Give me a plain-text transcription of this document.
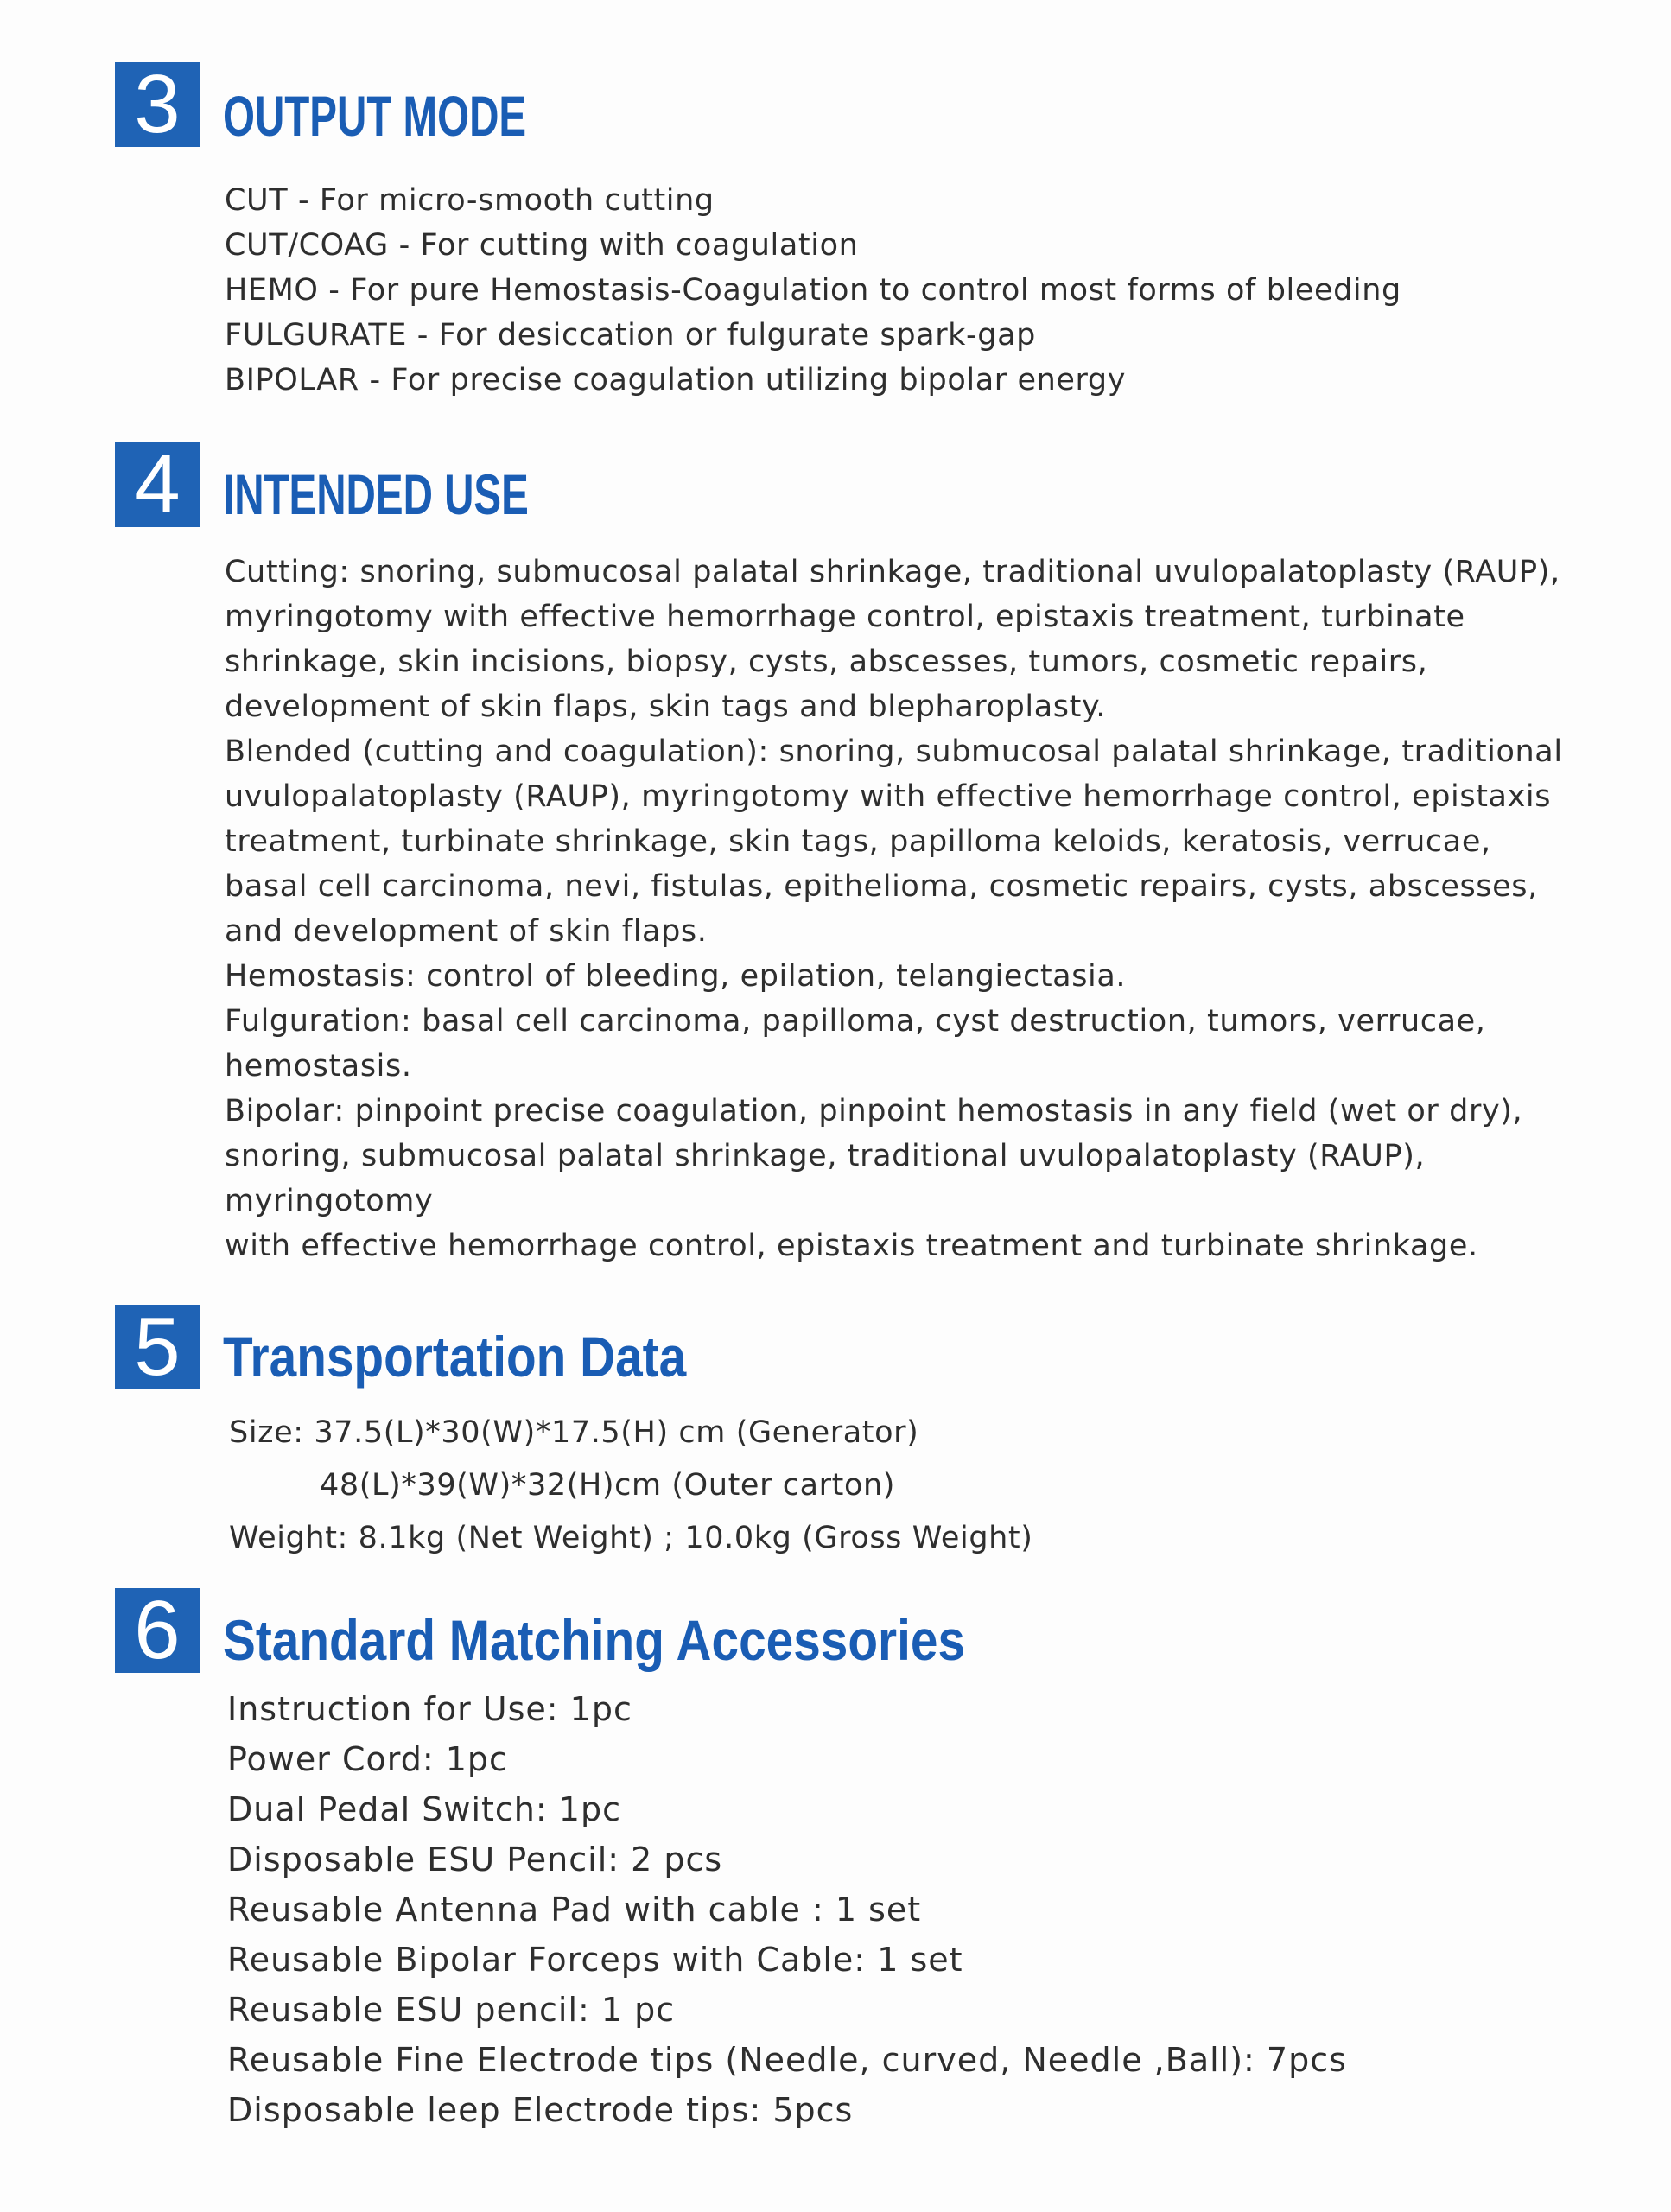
3 OUTPUT MODE
CUT - For micro-smooth cutting
CUT/COAG - For cutting with coagulation
HEMO - For pure Hemostasis-Coagulation to control most forms of bleeding
FULGURATE - For desiccation or fulgurate spark-gap
BIPOLAR - For precise coagulation utilizing bipolar energy
4 INTENDED USE
Cutting: snoring, submucosal palatal shrinkage, traditional uvulopalatoplasty (RAUP),
myringotomy with effective hemorrhage control, epistaxis treatment, turbinate
shrinkage, skin incisions, biopsy, cysts, abscesses, tumors, cosmetic repairs,
development of skin flaps, skin tags and blepharoplasty.
Blended (cutting and coagulation): snoring, submucosal palatal shrinkage, traditional
uvulopalatoplasty (RAUP), myringotomy with effective hemorrhage control, epistaxis
treatment, turbinate shrinkage, skin tags, papilloma keloids, keratosis, verrucae,
basal cell carcinoma, nevi, fistulas, epithelioma, cosmetic repairs, cysts, abscesses,
and development of skin flaps.
Hemostasis: control of bleeding, epilation, telangiectasia.
Fulguration: basal cell carcinoma, papilloma, cyst destruction, tumors, verrucae,
hemostasis.
Bipolar: pinpoint precise coagulation, pinpoint hemostasis in any field (wet or dry),
snoring, submucosal palatal shrinkage, traditional uvulopalatoplasty (RAUP),
myringotomy
with effective hemorrhage control, epistaxis treatment and turbinate shrinkage.
5 Transportation Data
Size: 37.5(L)*30(W)*17.5(H) cm (Generator)
48(L)*39(W)*32(H)cm (Outer carton)
Weight: 8.1kg (Net Weight) ; 10.0kg (Gross Weight)
6 Standard Matching Accessories
Instruction for Use: 1pc
Power Cord: 1pc
Dual Pedal Switch: 1pc
Disposable ESU Pencil: 2 pcs
Reusable Antenna Pad with cable : 1 set
Reusable Bipolar Forceps with Cable: 1 set
Reusable ESU pencil: 1 pc
Reusable Fine Electrode tips (Needle, curved, Needle ,Ball): 7pcs
Disposable leep Electrode tips: 5pcs
